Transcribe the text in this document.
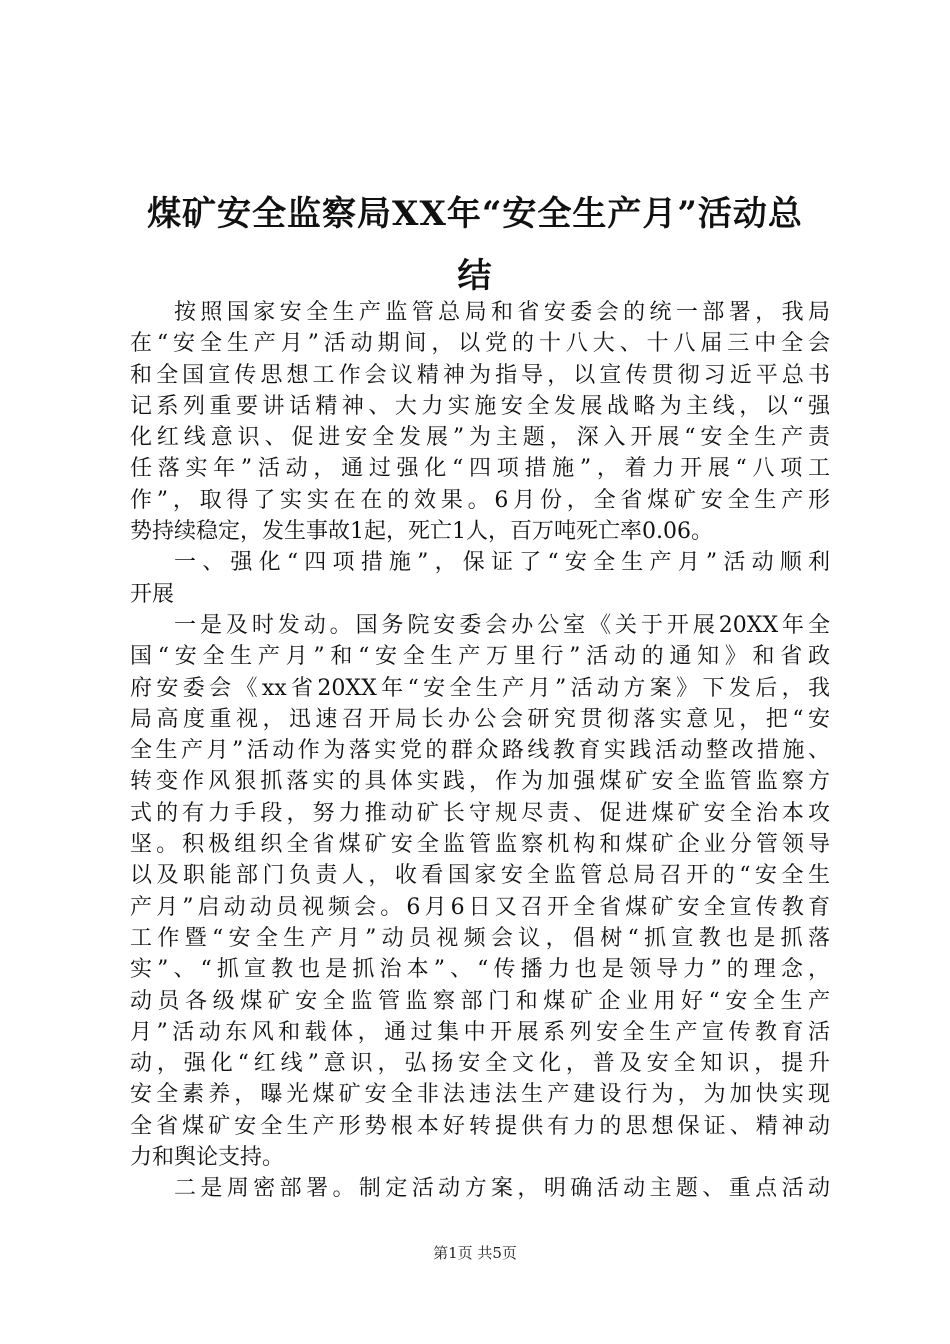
煤矿安全监察局XX年“安全生产月”活动总
结
按照国家安全生产监管总局和省安委会的统一部署，我局
在“安全生产月”活动期间，以党的十八大、十八届三中全会
和全国宣传思想工作会议精神为指导，以宣传贯彻习近平总书
记系列重要讲话精神、大力实施安全发展战略为主线，以“强
化红线意识、促进安全发展”为主题，深入开展“安全生产责
任落实年”活动，通过强化“四项措施”，着力开展“八项工
作”，取得了实实在在的效果。6月份，全省煤矿安全生产形
势持续稳定，发生事故1起，死亡1人，百万吨死亡率0.06。
一、强化“四项措施”，保证了“安全生产月”活动顺利
开展
一是及时发动。国务院安委会办公室《关于开展20XX年全
国“安全生产月”和“安全生产万里行”活动的通知》和省政
府安委会《xx省20XX年“安全生产月”活动方案》下发后，我
局高度重视，迅速召开局长办公会研究贯彻落实意见，把“安
全生产月”活动作为落实党的群众路线教育实践活动整改措施、
转变作风狠抓落实的具体实践，作为加强煤矿安全监管监察方
式的有力手段，努力推动矿长守规尽责、促进煤矿安全治本攻
坚。积极组织全省煤矿安全监管监察机构和煤矿企业分管领导
以及职能部门负责人，收看国家安全监管总局召开的“安全生
产月”启动动员视频会。6月6日又召开全省煤矿安全宣传教育
工作暨“安全生产月”动员视频会议，倡树“抓宣教也是抓落
实”、“抓宣教也是抓治本”、“传播力也是领导力”的理念，
动员各级煤矿安全监管监察部门和煤矿企业用好“安全生产
月”活动东风和载体，通过集中开展系列安全生产宣传教育活
动，强化“红线”意识，弘扬安全文化，普及安全知识，提升
安全素养，曝光煤矿安全非法违法生产建设行为，为加快实现
全省煤矿安全生产形势根本好转提供有力的思想保证、精神动
力和舆论支持。
二是周密部署。制定活动方案，明确活动主题、重点活动
第1页 共5页
